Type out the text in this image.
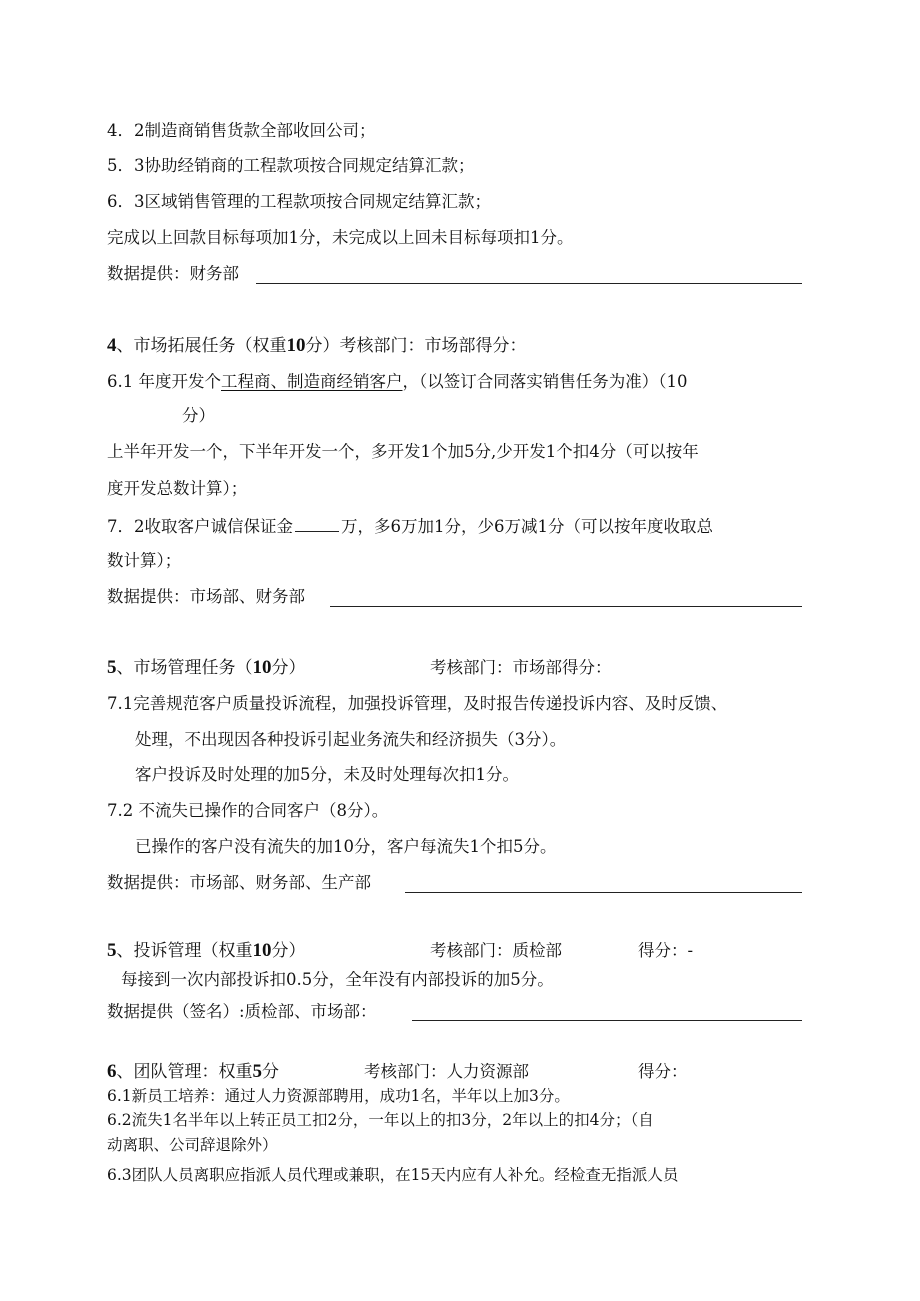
4．2制造商销售货款全部收回公司；
5．3协助经销商的工程款项按合同规定结算汇款；
6．3区域销售管理的工程款项按合同规定结算汇款；
完成以上回款目标每项加1分，未完成以上回未目标每项扣1分。
数据提供：财务部
4、市场拓展任务（权重10分）考核部门：市场部得分：
6.1 年度开发个工程商、制造商经销客户，（以签订合同落实销售任务为准）（10
分）
上半年开发一个，下半年开发一个，多开发1个加5分,少开发1个扣4分（可以按年
度开发总数计算）；
7．2收取客户诚信保证金	万，多6万加1分，少6万减1分（可以按年度收取总
数计算）；
数据提供：市场部、财务部
5、市场管理任务（10分）	考核部门：市场部得分：
7.1完善规范客户质量投诉流程，加强投诉管理，及时报告传递投诉内容、及时反馈、
处理，不出现因各种投诉引起业务流失和经济损失（3分）。
客户投诉及时处理的加5分，未及时处理每次扣1分。
7.2 不流失已操作的合同客户（8分）。
已操作的客户没有流失的加10分，客户每流失1个扣5分。
数据提供：市场部、财务部、生产部
5、投诉管理（权重10分）	考核部门：质检部	得分：-
每接到一次内部投诉扣0.5分，全年没有内部投诉的加5分。
数据提供（签名）:质检部、市场部：
6、团队管理：权重5分	考核部门：人力资源部	得分：
6.1新员工培养：通过人力资源部聘用，成功1名，半年以上加3分。
6.2流失1名半年以上转正员工扣2分，一年以上的扣3分，2年以上的扣4分；（自
动离职、公司辞退除外）
6.3团队人员离职应指派人员代理或兼职，在15天内应有人补允。经检查无指派人员
